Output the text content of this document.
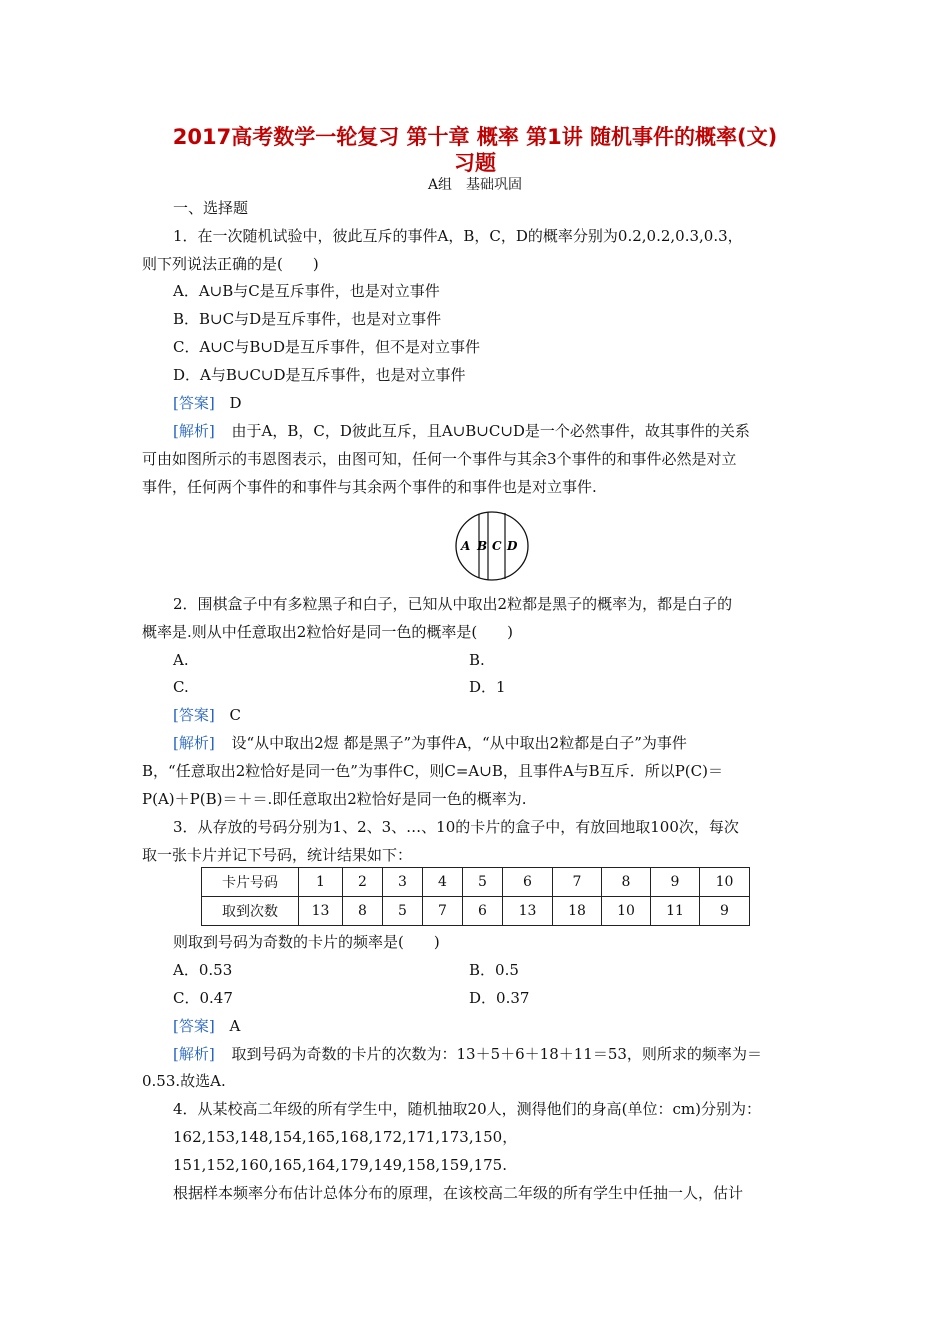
2017高考数学一轮复习 第十章 概率 第1讲 随机事件的概率(文)
习题
A组　基础巩固
一、选择题
1．在一次随机试验中，彼此互斥的事件A，B，C，D的概率分别为0.2,0.2,0.3,0.3，
则下列说法正确的是(　　)
A．A∪B与C是互斥事件，也是对立事件
B．B∪C与D是互斥事件，也是对立事件
C．A∪C与B∪D是互斥事件，但不是对立事件
D．A与B∪C∪D是互斥事件，也是对立事件
[答案] D
[解析] 由于A，B，C，D彼此互斥，且A∪B∪C∪D是一个必然事件，故其事件的关系
可由如图所示的韦恩图表示，由图可知，任何一个事件与其余3个事件的和事件必然是对立
事件，任何两个事件的和事件与其余两个事件的和事件也是对立事件.
A B C D
2．围棋盒子中有多粒黑子和白子，已知从中取出2粒都是黑子的概率为，都是白子的
概率是.则从中任意取出2粒恰好是同一色的概率是(　　)
A.	B.
C.	D．1
[答案] C
[解析] 设“从中取出2煜 都是黑子”为事件A，“从中取出2粒都是白子”为事件
B，“任意取出2粒恰好是同一色”为事件C，则C=A∪B，且事件A与B互斥．所以P(C)＝
P(A)＋P(B)＝＋＝.即任意取出2粒恰好是同一色的概率为.
3．从存放的号码分别为1、2、3、…、10的卡片的盒子中，有放回地取100次，每次
取一张卡片并记下号码，统计结果如下：
卡片号码	1	2	3	4	5	6	7	8	9	10
取到次数	13	8	5	7	6	13	18	10	11	9
则取到号码为奇数的卡片的频率是(　　)
A．0.53	B．0.5
C．0.47	D．0.37
[答案] A
[解析] 取到号码为奇数的卡片的次数为：13＋5＋6＋18＋11＝53，则所求的频率为＝
0.53.故选A.
4．从某校高二年级的所有学生中，随机抽取20人，测得他们的身高(单位：cm)分别为：
162,153,148,154,165,168,172,171,173,150，
151,152,160,165,164,179,149,158,159,175.
根据样本频率分布估计总体分布的原理，在该校高二年级的所有学生中任抽一人，估计
